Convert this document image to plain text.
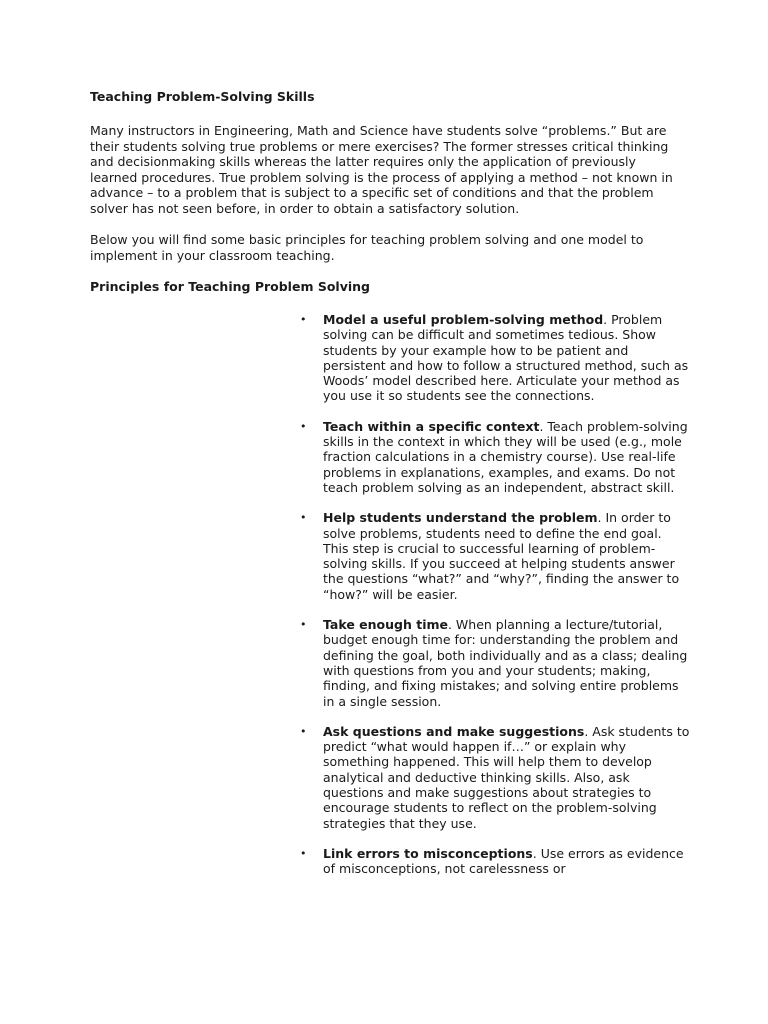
Teaching Problem-Solving Skills

Many instructors in Engineering, Math and Science have students solve “problems.” But are their students solving true problems or mere exercises? The former stresses critical thinking and decisionmaking skills whereas the latter requires only the application of previously learned procedures. True problem solving is the process of applying a method – not known in advance – to a problem that is subject to a specific set of conditions and that the problem solver has not seen before, in order to obtain a satisfactory solution.

Below you will find some basic principles for teaching problem solving and one model to implement in your classroom teaching.

Principles for Teaching Problem Solving
• Model a useful problem-solving method. Problem solving can be difficult and sometimes tedious. Show students by your example how to be patient and persistent and how to follow a structured method, such as Woods’ model described here. Articulate your method as you use it so students see the connections.
• Teach within a specific context. Teach problem-solving skills in the context in which they will be used (e.g., mole fraction calculations in a chemistry course). Use real-life problems in explanations, examples, and exams. Do not teach problem solving as an independent, abstract skill.
• Help students understand the problem. In order to solve problems, students need to define the end goal. This step is crucial to successful learning of problem-solving skills. If you succeed at helping students answer the questions “what?” and “why?”, finding the answer to “how?” will be easier.
• Take enough time. When planning a lecture/tutorial, budget enough time for: understanding the problem and defining the goal, both individually and as a class; dealing with questions from you and your students; making, finding, and fixing mistakes; and solving entire problems in a single session.
• Ask questions and make suggestions. Ask students to predict “what would happen if…” or explain why something happened. This will help them to develop analytical and deductive thinking skills. Also, ask questions and make suggestions about strategies to encourage students to reflect on the problem-solving strategies that they use.
• Link errors to misconceptions. Use errors as evidence of misconceptions, not carelessness or
